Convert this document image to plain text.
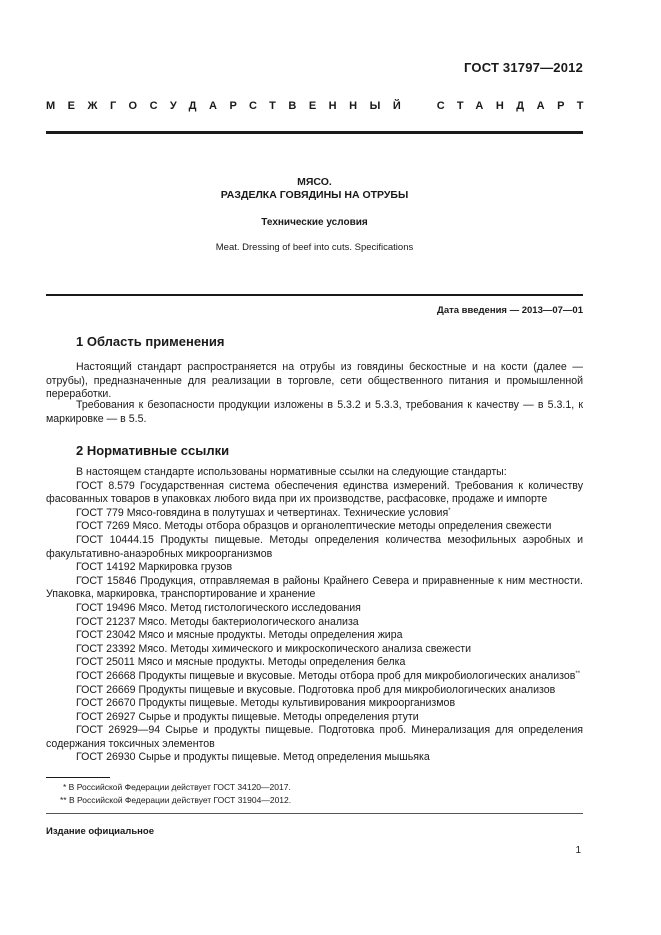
ГОСТ 31797—2012
МЕЖГОСУДАРСТВЕННЫЙ СТАНДАРТ
МЯСО.
РАЗДЕЛКА ГОВЯДИНЫ НА ОТРУБЫ
Технические условия
Meat. Dressing of beef into cuts. Specifications
Дата введения — 2013—07—01
1 Область применения

Настоящий стандарт распространяется на отрубы из говядины бескостные и на кости (далее — отрубы), предназначенные для реализации в торговле, сети общественного питания и промышленной переработки.

Требования к безопасности продукции изложены в 5.3.2 и 5.3.3, требования к качеству — в 5.3.1, к маркировке — в 5.5.

2 Нормативные ссылки

В настоящем стандарте использованы нормативные ссылки на следующие стандарты:

ГОСТ 8.579 Государственная система обеспечения единства измерений. Требования к количеству фасованных товаров в упаковках любого вида при их производстве, расфасовке, продаже и импорте

ГОСТ 779 Мясо-говядина в полутушах и четвертинах. Технические условия*

ГОСТ 7269 Мясо. Методы отбора образцов и органолептические методы определения свежести

ГОСТ 10444.15 Продукты пищевые. Методы определения количества мезофильных аэробных и факультативно-анаэробных микроорганизмов

ГОСТ 14192 Маркировка грузов

ГОСТ 15846 Продукция, отправляемая в районы Крайнего Севера и приравненные к ним местности. Упаковка, маркировка, транспортирование и хранение

ГОСТ 19496 Мясо. Метод гистологического исследования

ГОСТ 21237 Мясо. Методы бактериологического анализа

ГОСТ 23042 Мясо и мясные продукты. Методы определения жира

ГОСТ 23392 Мясо. Методы химического и микроскопического анализа свежести

ГОСТ 25011 Мясо и мясные продукты. Методы определения белка

ГОСТ 26668 Продукты пищевые и вкусовые. Методы отбора проб для микробиологических анализов**

ГОСТ 26669 Продукты пищевые и вкусовые. Подготовка проб для микробиологических анализов

ГОСТ 26670 Продукты пищевые. Методы культивирования микроорганизмов

ГОСТ 26927 Сырье и продукты пищевые. Методы определения ртути

ГОСТ 26929—94 Сырье и продукты пищевые. Подготовка проб. Минерализация для определения содержания токсичных элементов

ГОСТ 26930 Сырье и продукты пищевые. Метод определения мышьяка

* В Российской Федерации действует ГОСТ 34120—2017.
** В Российской Федерации действует ГОСТ 31904—2012.
Издание официальное
1
